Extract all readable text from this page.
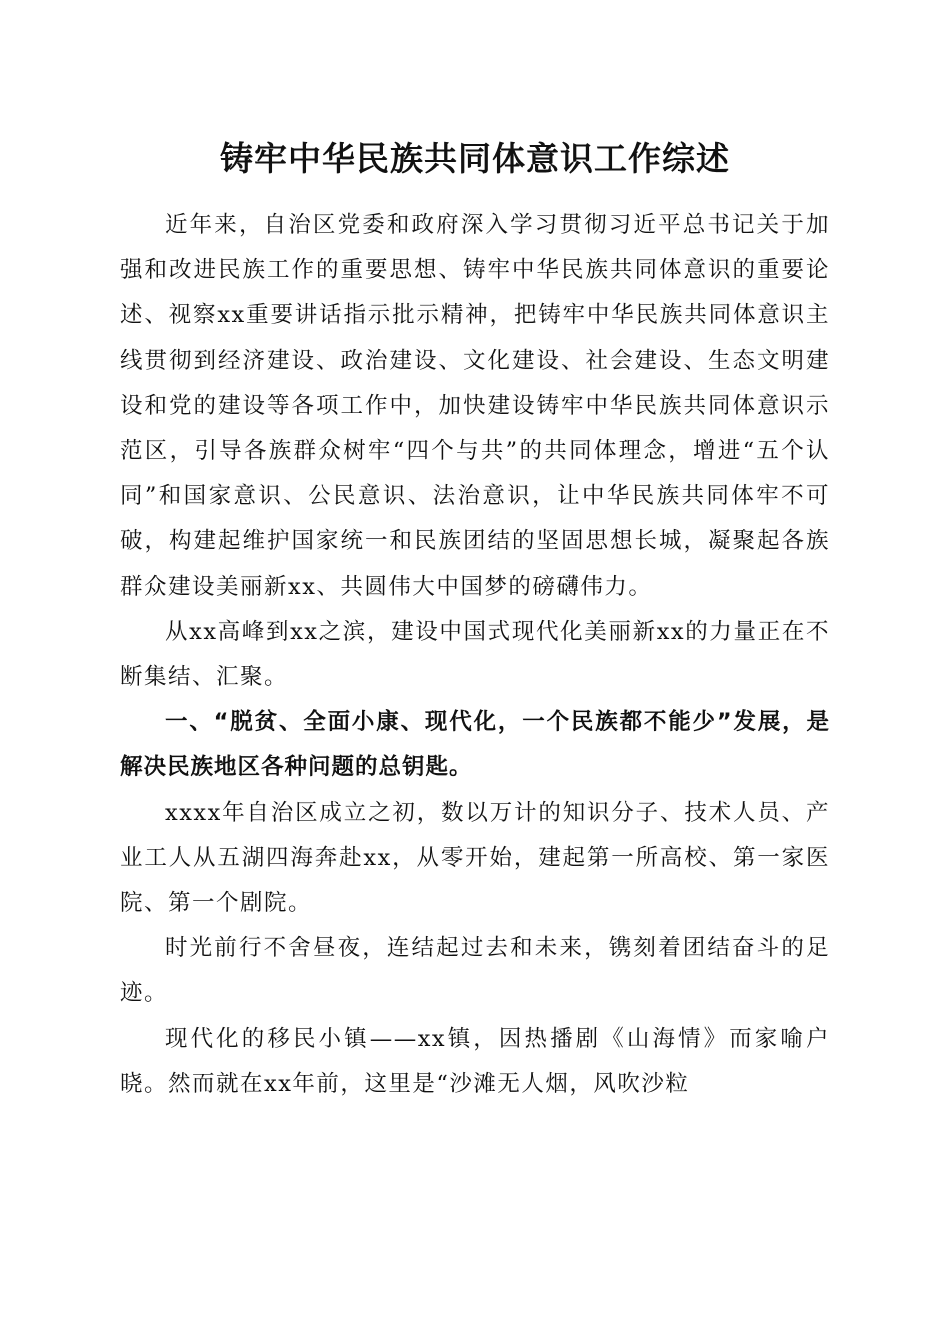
铸牢中华民族共同体意识工作综述

近年来，自治区党委和政府深入学习贯彻习近平总书记关于加强和改进民族工作的重要思想、铸牢中华民族共同体意识的重要论述、视察xx重要讲话指示批示精神，把铸牢中华民族共同体意识主线贯彻到经济建设、政治建设、文化建设、社会建设、生态文明建设和党的建设等各项工作中，加快建设铸牢中华民族共同体意识示范区，引导各族群众树牢“四个与共”的共同体理念，增进“五个认同”和国家意识、公民意识、法治意识，让中华民族共同体牢不可破，构建起维护国家统一和民族团结的坚固思想长城，凝聚起各族群众建设美丽新xx、共圆伟大中国梦的磅礴伟力。

从xx高峰到xx之滨，建设中国式现代化美丽新xx的力量正在不断集结、汇聚。

一、“脱贫、全面小康、现代化，一个民族都不能少”发展，是解决民族地区各种问题的总钥匙。

xxxx年自治区成立之初，数以万计的知识分子、技术人员、产业工人从五湖四海奔赴xx，从零开始，建起第一所高校、第一家医院、第一个剧院。

时光前行不舍昼夜，连结起过去和未来，镌刻着团结奋斗的足迹。

现代化的移民小镇——xx镇，因热播剧《山海情》而家喻户晓。然而就在xx年前，这里是“沙滩无人烟，风吹沙粒
